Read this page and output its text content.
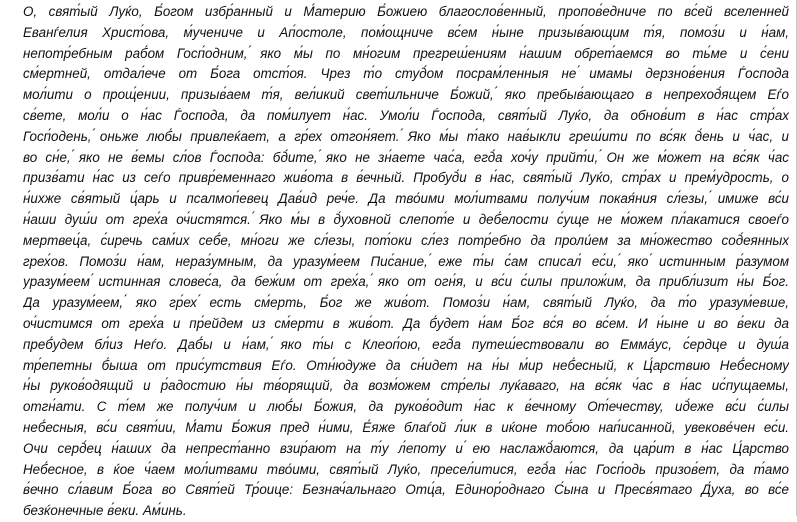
О, свят́ый Луќо, Б́огом избр́анный и М́атерию Б́ожиею благослов́енный, пропов́едниче по вс́ей вселенней
Еванѓелия Христ́ова, м́учениче и Ап́остоле, пом́ощниче вс́ем н́ыне призыв́ающим т́я, помоз́и и н́ам,
непотр́ебным раб́ом Госп́одним, ́яко м́ы по мн́огим прегреш́ениям н́ашим обрет́аемся во ть́ме и с́ени
см́ертней, отдал́ече от Б́ога отст́оя. Чрез т́о студ́ом посрам́ленныя не ́имамы дерзнов́ения Ѓоспода
мол́ити о прощ́ении, призыв́аем т́я, вел́икий свет́ильниче Б́ожий, ́яко пребыв́ающаго в непреход́ящем Еѓо
св́ете, мол́и о н́ас Ѓоспода, да пом́илует н́ас. Умол́и Ѓоспода, свят́ый Луќо, да обнов́ит в н́ас стр́ах
Госп́одень, ́оньже люб́ы привлеќает, а гр́ех отгон́яет. ́Яко м́ы т́ако нав́ыкли греш́ити по вс́як д́ень и ч́ас, и
во сн́е, ́яко не в́емы сл́ов Ѓоспода: бд́ите, ́яко не зн́аете час́а, егд́а хоч́у прийт́и, ́Он же м́ожет на вс́як ч́ас
призв́ати н́ас из сеѓо привр́еменнаго жив́ота в в́ечный. Пробуд́и в н́ас, свят́ый Луќо, стр́ах и прем́удрость, о
н́ихже св́ятый ц́арь и псалмоп́евец Дав́ид реч́е. Да тво́ими мол́итвами получ́им покая́ния сл́езы, ́имиже вс́и
н́аши душ́и от грех́а оч́истятся. ́Яко м́ы в д́уховной слепот́е и деб́елости с́уще не м́ожем пл́акатися своеѓо
мертвец́а, с́иречь сам́их себ́е, мн́оги же сл́езы, пот́оки сл́ез потр́ебно да проли́ем за мн́ожество сод́еянных
грех́ов. Помоз́и н́ам, нераз́умным, да уразум́еем Пис́ание, ́еже т́ы с́ам списал́ ес́и, ́яко ́истинным р́азумом
уразум́еем ́истинная словес́а, да беж́им от грех́а, ́яко от огн́я, и вс́и с́илы прилож́им, да прибл́изит н́ы Б́ог.
Да уразум́еем, ́яко гр́ех ́есть см́ерть, Б́ог же жив́от. Помоз́и н́ам, свят́ый Луќо, да т́о уразум́евше,
оч́истимся от грех́а и пр́ейдем из см́ерти в жив́от. Да б́удет н́ам Б́ог вс́я во вс́ем. И н́ыне и во в́еки да
преб́удем бл́из Неѓо. Даб́ы и н́ам, ́яко т́ы с Клеоп́ою, егд́а путеш́ествовали во Емма́ус, с́ердце и душ́а
тр́епетны б́ыша от прис́утствия Еѓо. Отн́юдуже да сн́идет на н́ы м́ир неб́есный, к Ц́арствию Неб́есному
н́ы руков́одящий и р́адостию н́ы тв́орящий, да возм́ожем стр́елы луќаваго, на вс́як ч́ас в н́ас ис́пущаемы,
отгн́ати. С т́ем же получ́им и люб́ы Б́ожия, да руков́одит н́ас к в́ечному От́ечеству, ид́еже вс́и с́илы
неб́есныя, вс́и свят́ии, М́ати Б́ожия пред н́ими, Е́яже блаѓой л́ик в иќоне тоб́ою нап́исанной, увекове́чен ес́и.
́Очи серд́ец н́аших да непрест́анно взир́ают на т́у л́епоту и ́ею наслажд́аются, да цар́ит в н́ас Ц́арство
Неб́есное, в ќое ч́аем мол́итвами тво́ими, свят́ый Луќо, пресел́итися, егд́а н́ас Госп́одь призов́ет, да т́амо
в́ечно сл́авим Б́ога во Свят́ей Тр́оице: Безнач́альнаго Отц́а, Единор́однаго С́ына и Пресв́ятаго Д́уха, во вс́е
безќонечные в́еки. Ам́инь.
